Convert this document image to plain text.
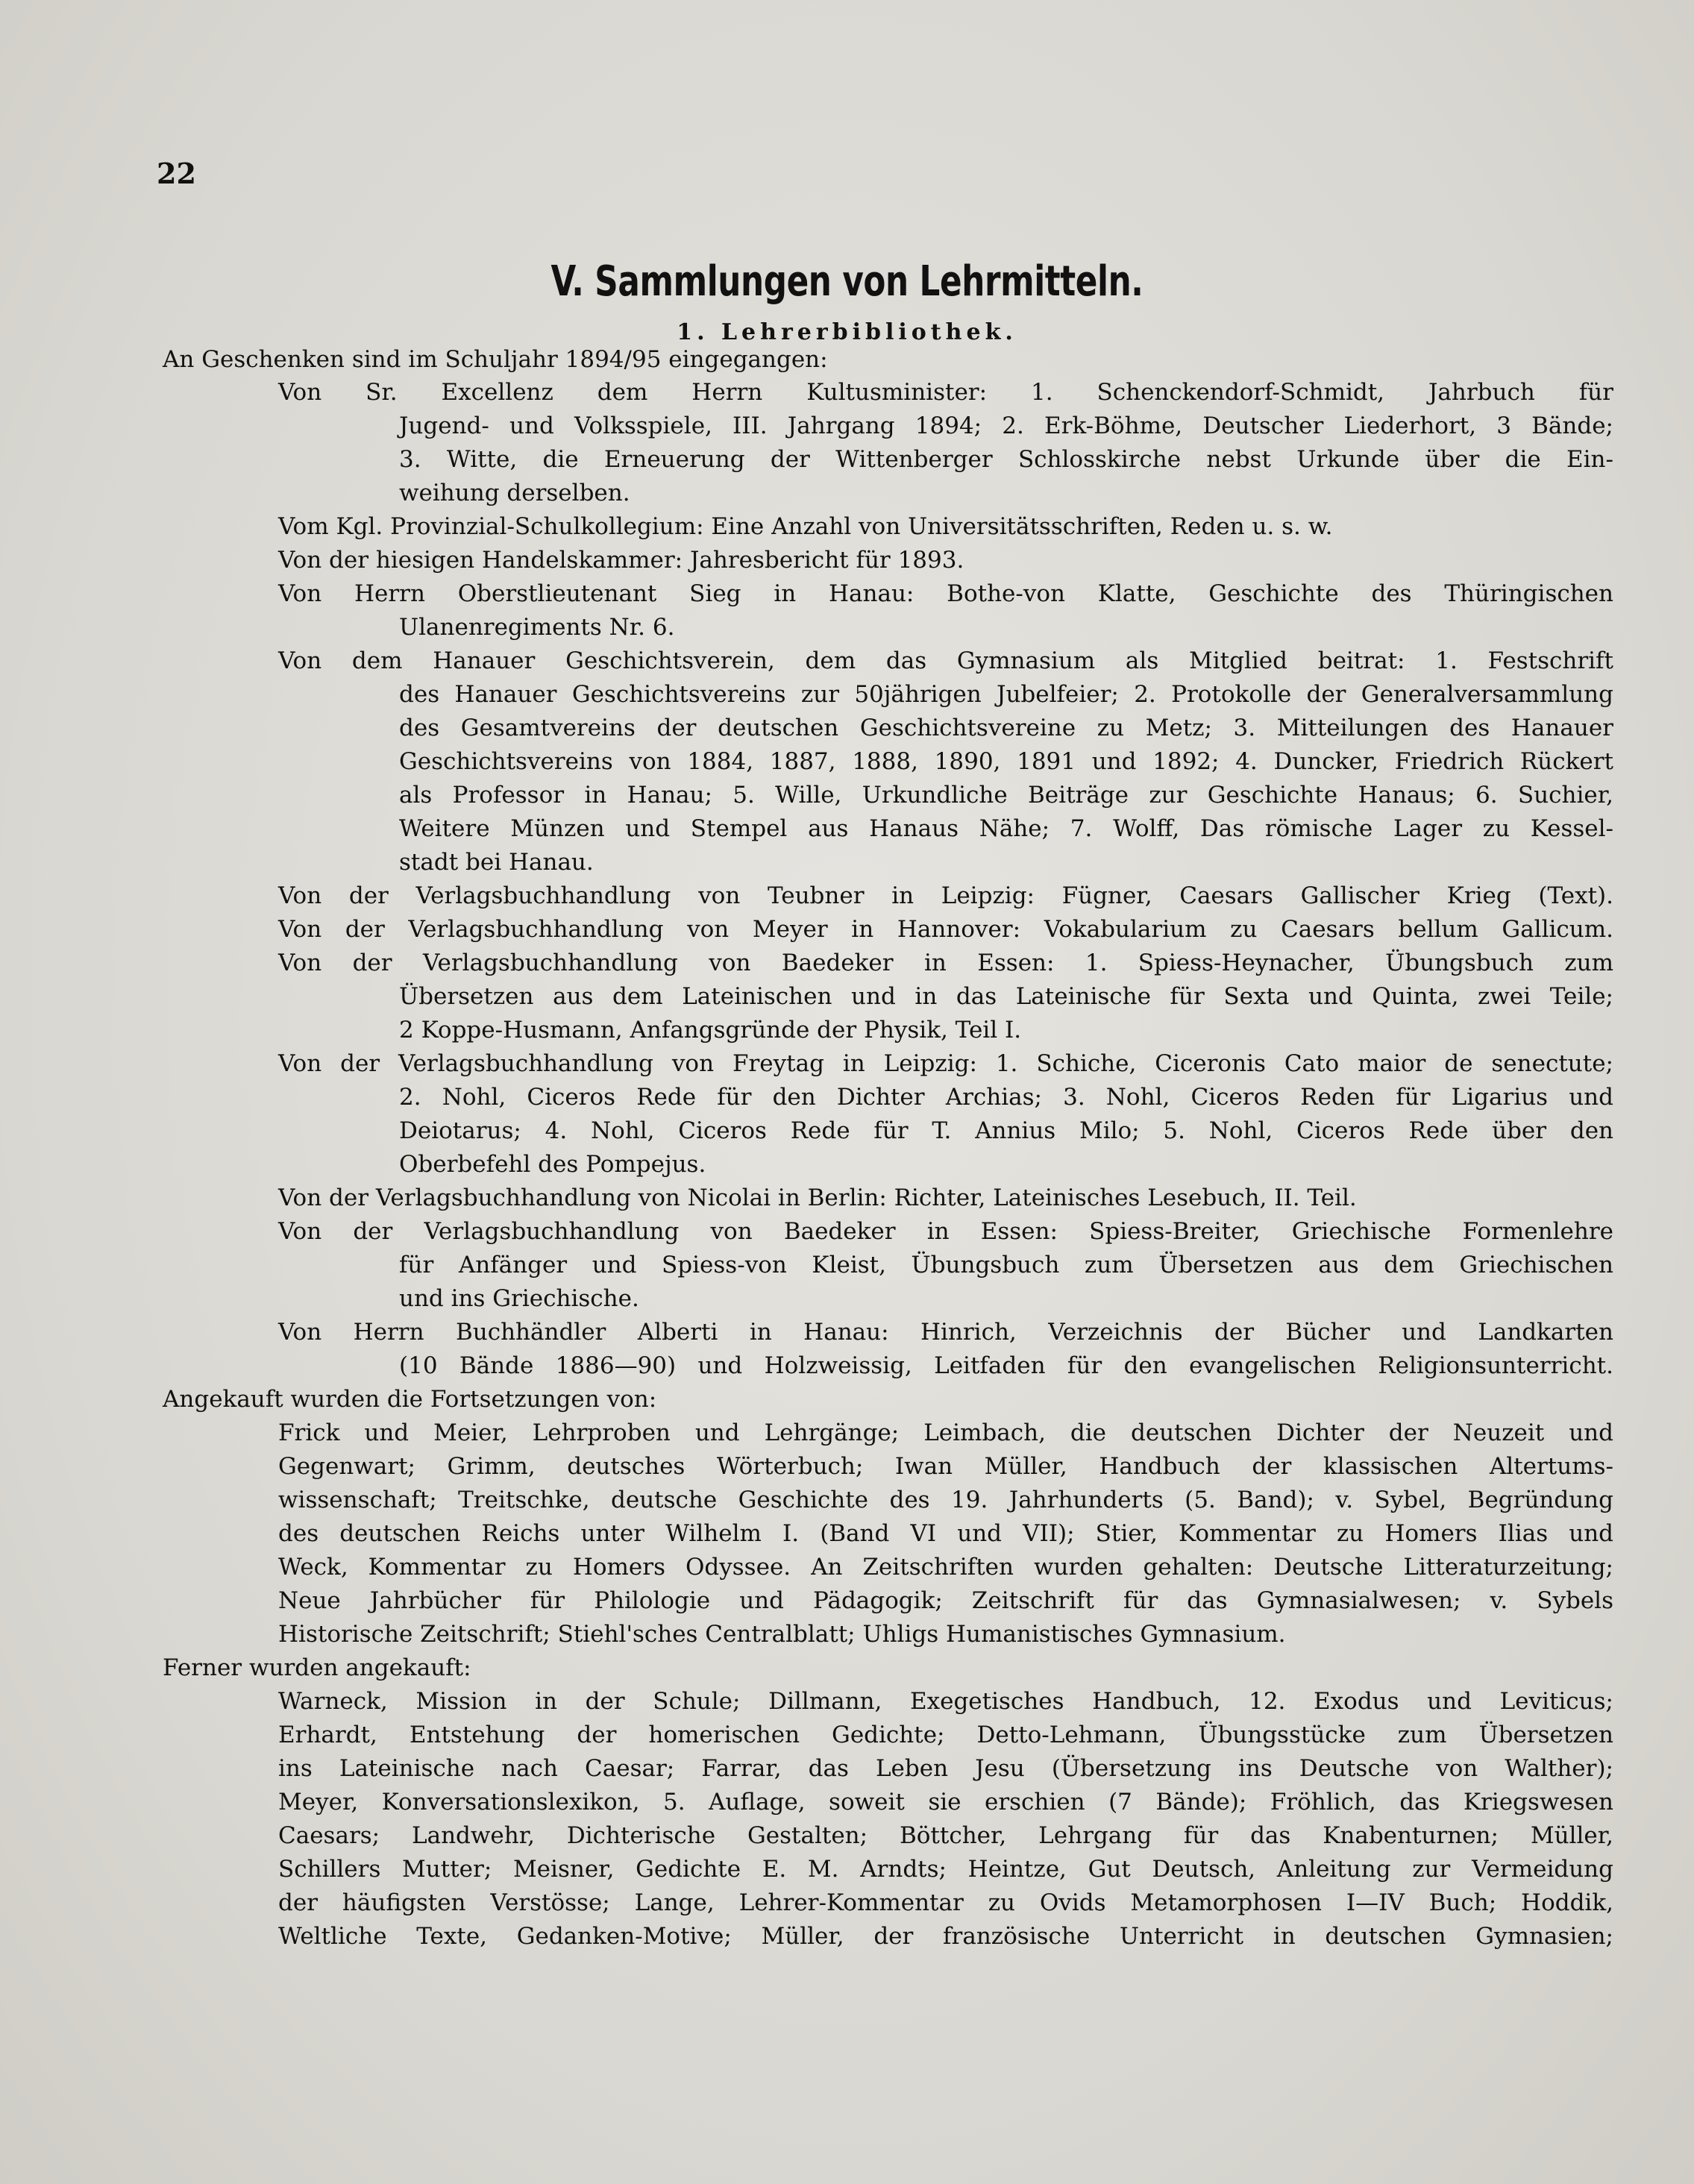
22
V. Sammlungen von Lehrmitteln.
1. Lehrerbibliothek.
An Geschenken sind im Schuljahr 1894/95 eingegangen:
Von Sr. Excellenz dem Herrn Kultusminister: 1. Schenckendorf-Schmidt, Jahrbuch für
Jugend- und Volksspiele, III. Jahrgang 1894; 2. Erk-Böhme, Deutscher Liederhort, 3 Bände;
3. Witte, die Erneuerung der Wittenberger Schlosskirche nebst Urkunde über die Ein-
weihung derselben.
Vom Kgl. Provinzial-Schulkollegium: Eine Anzahl von Universitätsschriften, Reden u. s. w.
Von der hiesigen Handelskammer: Jahresbericht für 1893.
Von Herrn Oberstlieutenant Sieg in Hanau: Bothe-von Klatte, Geschichte des Thüringischen
Ulanenregiments Nr. 6.
Von dem Hanauer Geschichtsverein, dem das Gymnasium als Mitglied beitrat: 1. Festschrift
des Hanauer Geschichtsvereins zur 50jährigen Jubelfeier; 2. Protokolle der Generalversammlung
des Gesamtvereins der deutschen Geschichtsvereine zu Metz; 3. Mitteilungen des Hanauer
Geschichtsvereins von 1884, 1887, 1888, 1890, 1891 und 1892; 4. Duncker, Friedrich Rückert
als Professor in Hanau; 5. Wille, Urkundliche Beiträge zur Geschichte Hanaus; 6. Suchier,
Weitere Münzen und Stempel aus Hanaus Nähe; 7. Wolff, Das römische Lager zu Kessel-
stadt bei Hanau.
Von der Verlagsbuchhandlung von Teubner in Leipzig: Fügner, Caesars Gallischer Krieg (Text).
Von der Verlagsbuchhandlung von Meyer in Hannover: Vokabularium zu Caesars bellum Gallicum.
Von der Verlagsbuchhandlung von Baedeker in Essen: 1. Spiess-Heynacher, Übungsbuch zum
Übersetzen aus dem Lateinischen und in das Lateinische für Sexta und Quinta, zwei Teile;
2 Koppe-Husmann, Anfangsgründe der Physik, Teil I.
Von der Verlagsbuchhandlung von Freytag in Leipzig: 1. Schiche, Ciceronis Cato maior de senectute;
2. Nohl, Ciceros Rede für den Dichter Archias; 3. Nohl, Ciceros Reden für Ligarius und
Deiotarus; 4. Nohl, Ciceros Rede für T. Annius Milo; 5. Nohl, Ciceros Rede über den
Oberbefehl des Pompejus.
Von der Verlagsbuchhandlung von Nicolai in Berlin: Richter, Lateinisches Lesebuch, II. Teil.
Von der Verlagsbuchhandlung von Baedeker in Essen: Spiess-Breiter, Griechische Formenlehre
für Anfänger und Spiess-von Kleist, Übungsbuch zum Übersetzen aus dem Griechischen
und ins Griechische.
Von Herrn Buchhändler Alberti in Hanau: Hinrich, Verzeichnis der Bücher und Landkarten
(10 Bände 1886—90) und Holzweissig, Leitfaden für den evangelischen Religionsunterricht.
Angekauft wurden die Fortsetzungen von:
Frick und Meier, Lehrproben und Lehrgänge; Leimbach, die deutschen Dichter der Neuzeit und
Gegenwart; Grimm, deutsches Wörterbuch; Iwan Müller, Handbuch der klassischen Altertums-
wissenschaft; Treitschke, deutsche Geschichte des 19. Jahrhunderts (5. Band); v. Sybel, Begründung
des deutschen Reichs unter Wilhelm I. (Band VI und VII); Stier, Kommentar zu Homers Ilias und
Weck, Kommentar zu Homers Odyssee. An Zeitschriften wurden gehalten: Deutsche Litteraturzeitung;
Neue Jahrbücher für Philologie und Pädagogik; Zeitschrift für das Gymnasialwesen; v. Sybels
Historische Zeitschrift; Stiehl'sches Centralblatt; Uhligs Humanistisches Gymnasium.
Ferner wurden angekauft:
Warneck, Mission in der Schule; Dillmann, Exegetisches Handbuch, 12. Exodus und Leviticus;
Erhardt, Entstehung der homerischen Gedichte; Detto-Lehmann, Übungsstücke zum Übersetzen
ins Lateinische nach Caesar; Farrar, das Leben Jesu (Übersetzung ins Deutsche von Walther);
Meyer, Konversationslexikon, 5. Auflage, soweit sie erschien (7 Bände); Fröhlich, das Kriegswesen
Caesars; Landwehr, Dichterische Gestalten; Böttcher, Lehrgang für das Knabenturnen; Müller,
Schillers Mutter; Meisner, Gedichte E. M. Arndts; Heintze, Gut Deutsch, Anleitung zur Vermeidung
der häufigsten Verstösse; Lange, Lehrer-Kommentar zu Ovids Metamorphosen I—IV Buch; Hoddik,
Weltliche Texte, Gedanken-Motive; Müller, der französische Unterricht in deutschen Gymnasien;
